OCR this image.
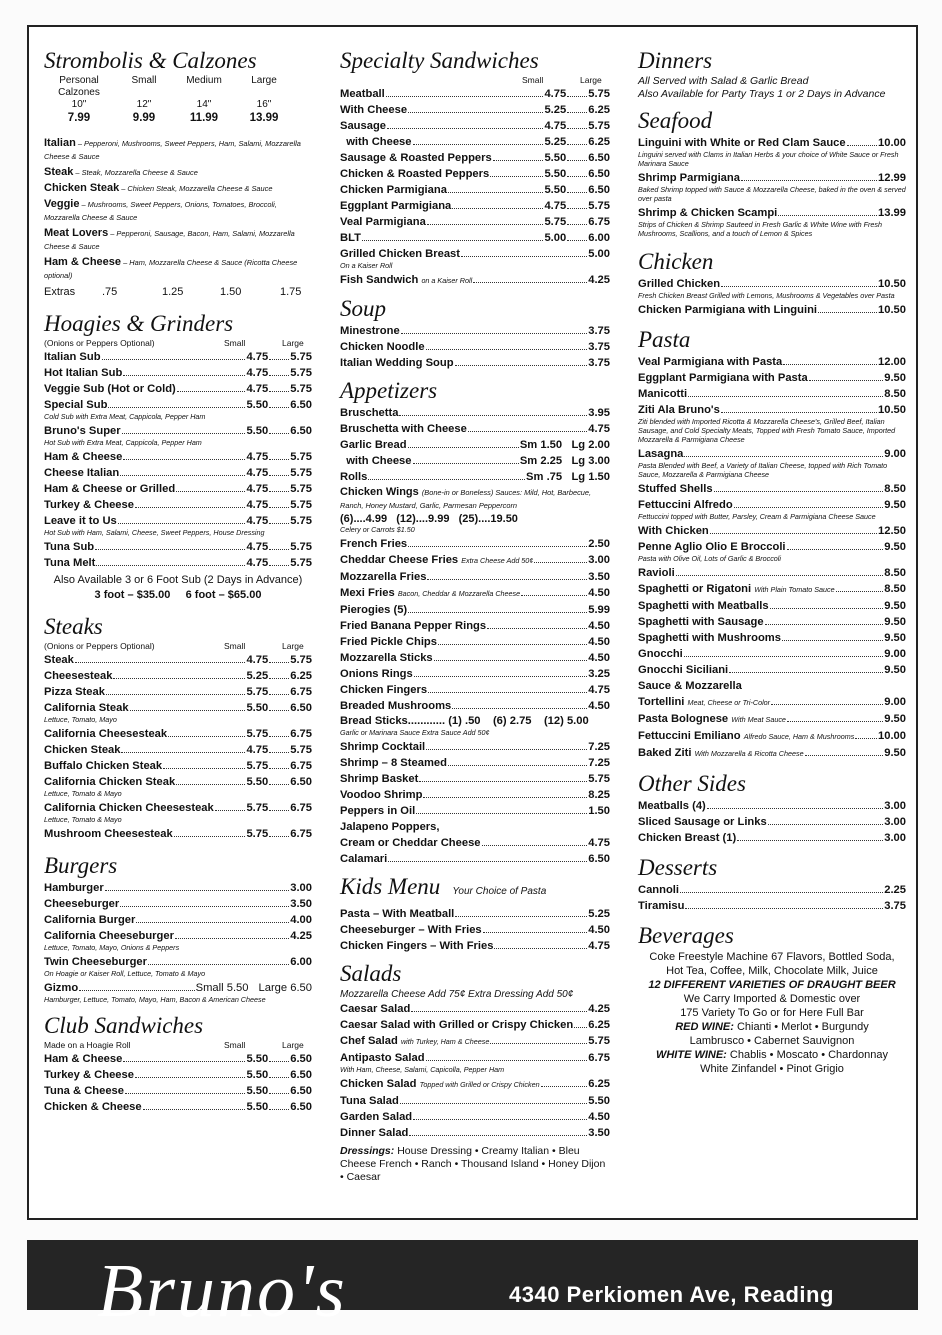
Strombolis & Calzones
Personal Calzones
Small	Medium	Large
10"	12"	14"	16"
7.99	9.99	11.99	13.99
Italian – Pepperoni, Mushrooms, Sweet Peppers, Ham, Salami, Mozzarella Cheese & Sauce
Steak – Steak, Mozzarella Cheese & Sauce
Chicken Steak – Chicken Steak, Mozzarella Cheese & Sauce
Veggie – Mushrooms, Sweet Peppers, Onions, Tomatoes, Broccoli, Mozzarella Cheese & Sauce
Meat Lovers – Pepperoni, Sausage, Bacon, Ham, Salami, Mozzarella Cheese & Sauce
Ham & Cheese – Ham, Mozzarella Cheese & Sauce (Ricotta Cheese optional)
Extras	.75	1.25	1.50	1.75
Hoagies & Grinders
(Onions or Peppers Optional)	Small	Large
Italian Sub	4.75 5.75
Hot Italian Sub	4.75 5.75
Veggie Sub (Hot or Cold)	4.75 5.75
Special Sub	5.50 6.50
Cold Sub with Extra Meat, Cappicola, Pepper Ham
Bruno's Super	5.50 6.50
Hot Sub with Extra Meat, Cappicola, Pepper Ham
Ham & Cheese	4.75 5.75
Cheese Italian	4.75 5.75
Ham & Cheese or Grilled	4.75 5.75
Turkey & Cheese	4.75 5.75
Leave it to Us	4.75 5.75
Hot Sub with Ham, Salami, Cheese, Sweet Peppers, House Dressing
Tuna Sub	4.75 5.75
Tuna Melt	4.75 5.75
Also Available 3 or 6 Foot Sub (2 Days in Advance)
3 foot – $35.00     6 foot – $65.00
Steaks
(Onions or Peppers Optional)	Small	Large
Steak	4.75 5.75
Cheesesteak	5.25 6.25
Pizza Steak	5.75 6.75
California Steak	5.50 6.50
Lettuce, Tomato, Mayo
California Cheesesteak	5.75 6.75
Chicken Steak	4.75 5.75
Buffalo Chicken Steak	5.75 6.75
California Chicken Steak	5.50 6.50
Lettuce, Tomato & Mayo
California Chicken Cheesesteak	5.75 6.75
Lettuce, Tomato & Mayo
Mushroom Cheesesteak	5.75 6.75
Burgers
Hamburger	3.00
Cheeseburger	3.50
California Burger	4.00
California Cheeseburger	4.25
Lettuce, Tomato, Mayo, Onions & Peppers
Twin Cheeseburger	6.00
On Hoagie or Kaiser Roll, Lettuce, Tomato & Mayo
Gizmo	Small 5.50 Large 6.50
Hamburger, Lettuce, Tomato, Mayo, Ham, Bacon & American Cheese
Club Sandwiches
Made on a Hoagie Roll	Small	Large
Ham & Cheese	5.50 6.50
Turkey & Cheese	5.50 6.50
Tuna & Cheese	5.50 6.50
Chicken & Cheese	5.50 6.50
Specialty Sandwiches
Small	Large
Meatball	4.75 5.75
With Cheese	5.25 6.25
Sausage	4.75 5.75
with Cheese	5.25 6.25
Sausage & Roasted Peppers	5.50 6.50
Chicken & Roasted Peppers	5.50 6.50
Chicken Parmigiana	5.50 6.50
Eggplant Parmigiana	4.75 5.75
Veal Parmigiana	5.75 6.75
BLT	5.00 6.00
Grilled Chicken Breast	5.00
On a Kaiser Roll
Fish Sandwich on a Kaiser Roll	4.25
Soup
Minestrone	3.75
Chicken Noodle	3.75
Italian Wedding Soup	3.75
Appetizers
Bruschetta	3.95
Bruschetta with Cheese	4.75
Garlic Bread	Sm 1.50   Lg 2.00
with Cheese	Sm 2.25   Lg 3.00
Rolls	Sm .75   Lg 1.50
Chicken Wings (Bone-in or Boneless) Sauces: Mild, Hot, Barbecue, Ranch, Honey Mustard, Garlic, Parmesan Peppercorn
(6)....4.99   (12)....9.99   (25)....19.50
Celery or Carrots $1.50
French Fries	2.50
Cheddar Cheese Fries Extra Cheese Add 50¢	3.00
Mozzarella Fries	3.50
Mexi Fries Bacon, Cheddar & Mozzarella Cheese	4.50
Pierogies (5)	5.99
Fried Banana Pepper Rings	4.50
Fried Pickle Chips	4.50
Mozzarella Sticks	4.50
Onions Rings	3.25
Chicken Fingers	4.75
Breaded Mushrooms	4.50
Bread Sticks............ (1) .50    (6) 2.75    (12) 5.00
Garlic or Marinara Sauce Extra Sauce Add 50¢
Shrimp Cocktail	7.25
Shrimp – 8 Steamed	7.25
Shrimp Basket	5.75
Voodoo Shrimp	8.25
Peppers in Oil	1.50
Jalapeno Poppers,
Cream or Cheddar Cheese	4.75
Calamari	6.50
Kids Menu Your Choice of Pasta
Pasta – With Meatball	5.25
Cheeseburger – With Fries	4.50
Chicken Fingers – With Fries	4.75
Salads
Mozzarella Cheese Add 75¢ Extra Dressing Add 50¢
Caesar Salad	4.25
Caesar Salad with Grilled or Crispy Chicken 6.25
Chef Salad with Turkey, Ham & Cheese	5.75
Antipasto Salad	6.75
With Ham, Cheese, Salami, Capicolla, Pepper Ham
Chicken Salad Topped with Grilled or Crispy Chicken	6.25
Tuna Salad	5.50
Garden Salad	4.50
Dinner Salad	3.50
Dressings: House Dressing • Creamy Italian • Bleu Cheese French • Ranch • Thousand Island • Honey Dijon • Caesar
Dinners
All Served with Salad & Garlic Bread
Also Available for Party Trays 1 or 2 Days in Advance
Seafood
Linguini with White or Red Clam Sauce	10.00
Linguini served with Clams in Italian Herbs & your choice of White Sauce or Fresh Marinara Sauce
Shrimp Parmigiana	12.99
Baked Shrimp topped with Sauce & Mozzarella Cheese, baked in the oven & served over pasta
Shrimp & Chicken Scampi	13.99
Strips of Chicken & Shrimp Sauteed in Fresh Garlic & White Wine with Fresh Mushrooms, Scallions, and a touch of Lemon & Spices
Chicken
Grilled Chicken	10.50
Fresh Chicken Breast Grilled with Lemons, Mushrooms & Vegetables over Pasta
Chicken Parmigiana with Linguini	10.50
Pasta
Veal Parmigiana with Pasta	12.00
Eggplant Parmigiana with Pasta	9.50
Manicotti	8.50
Ziti Ala Bruno's	10.50
Ziti blended with Imported Ricotta & Mozzarella Cheese's, Grilled Beef, Italian Sausage, and Cold Specialty Meats, Topped with Fresh Tomato Sauce, Imported Mozzarella & Parmigiana Cheese
Lasagna	9.00
Pasta Blended with Beef, a Variety of Italian Cheese, topped with Rich Tomato Sauce, Mozzarella & Parmigiana Cheese
Stuffed Shells	8.50
Fettuccini Alfredo	9.50
Fettuccini topped with Butter, Parsley, Cream & Parmigiana Cheese Sauce
With Chicken	12.50
Penne Aglio Olio E Broccoli	9.50
Pasta with Olive Oil, Lots of Garlic & Broccoli
Ravioli	8.50
Spaghetti or Rigatoni With Plain Tomato Sauce	8.50
Spaghetti with Meatballs	9.50
Spaghetti with Sausage	9.50
Spaghetti with Mushrooms	9.50
Gnocchi	9.00
Gnocchi Siciliani	9.50
Sauce & Mozzarella
Tortellini Meat, Cheese or Tri-Color	9.00
Pasta Bolognese With Meat Sauce	9.50
Fettuccini Emiliano Alfredo Sauce, Ham & Mushrooms 10.00
Baked Ziti With Mozzarella & Ricotta Cheese	9.50
Other Sides
Meatballs (4)	3.00
Sliced Sausage or Links	3.00
Chicken Breast (1)	3.00
Desserts
Cannoli	2.25
Tiramisu	3.75
Beverages
Coke Freestyle Machine 67 Flavors, Bottled Soda,
Hot Tea, Coffee, Milk, Chocolate Milk, Juice
12 DIFFERENT VARIETIES OF DRAUGHT BEER
We Carry Imported & Domestic over
175 Variety To Go or for Here Full Bar
RED WINE: Chianti • Merlot • Burgundy
Lambrusco • Cabernet Sauvignon
WHITE WINE: Chablis • Moscato • Chardonnay
White Zinfandel • Pinot Grigio
Bruno's	4340 Perkiomen Ave, Reading
